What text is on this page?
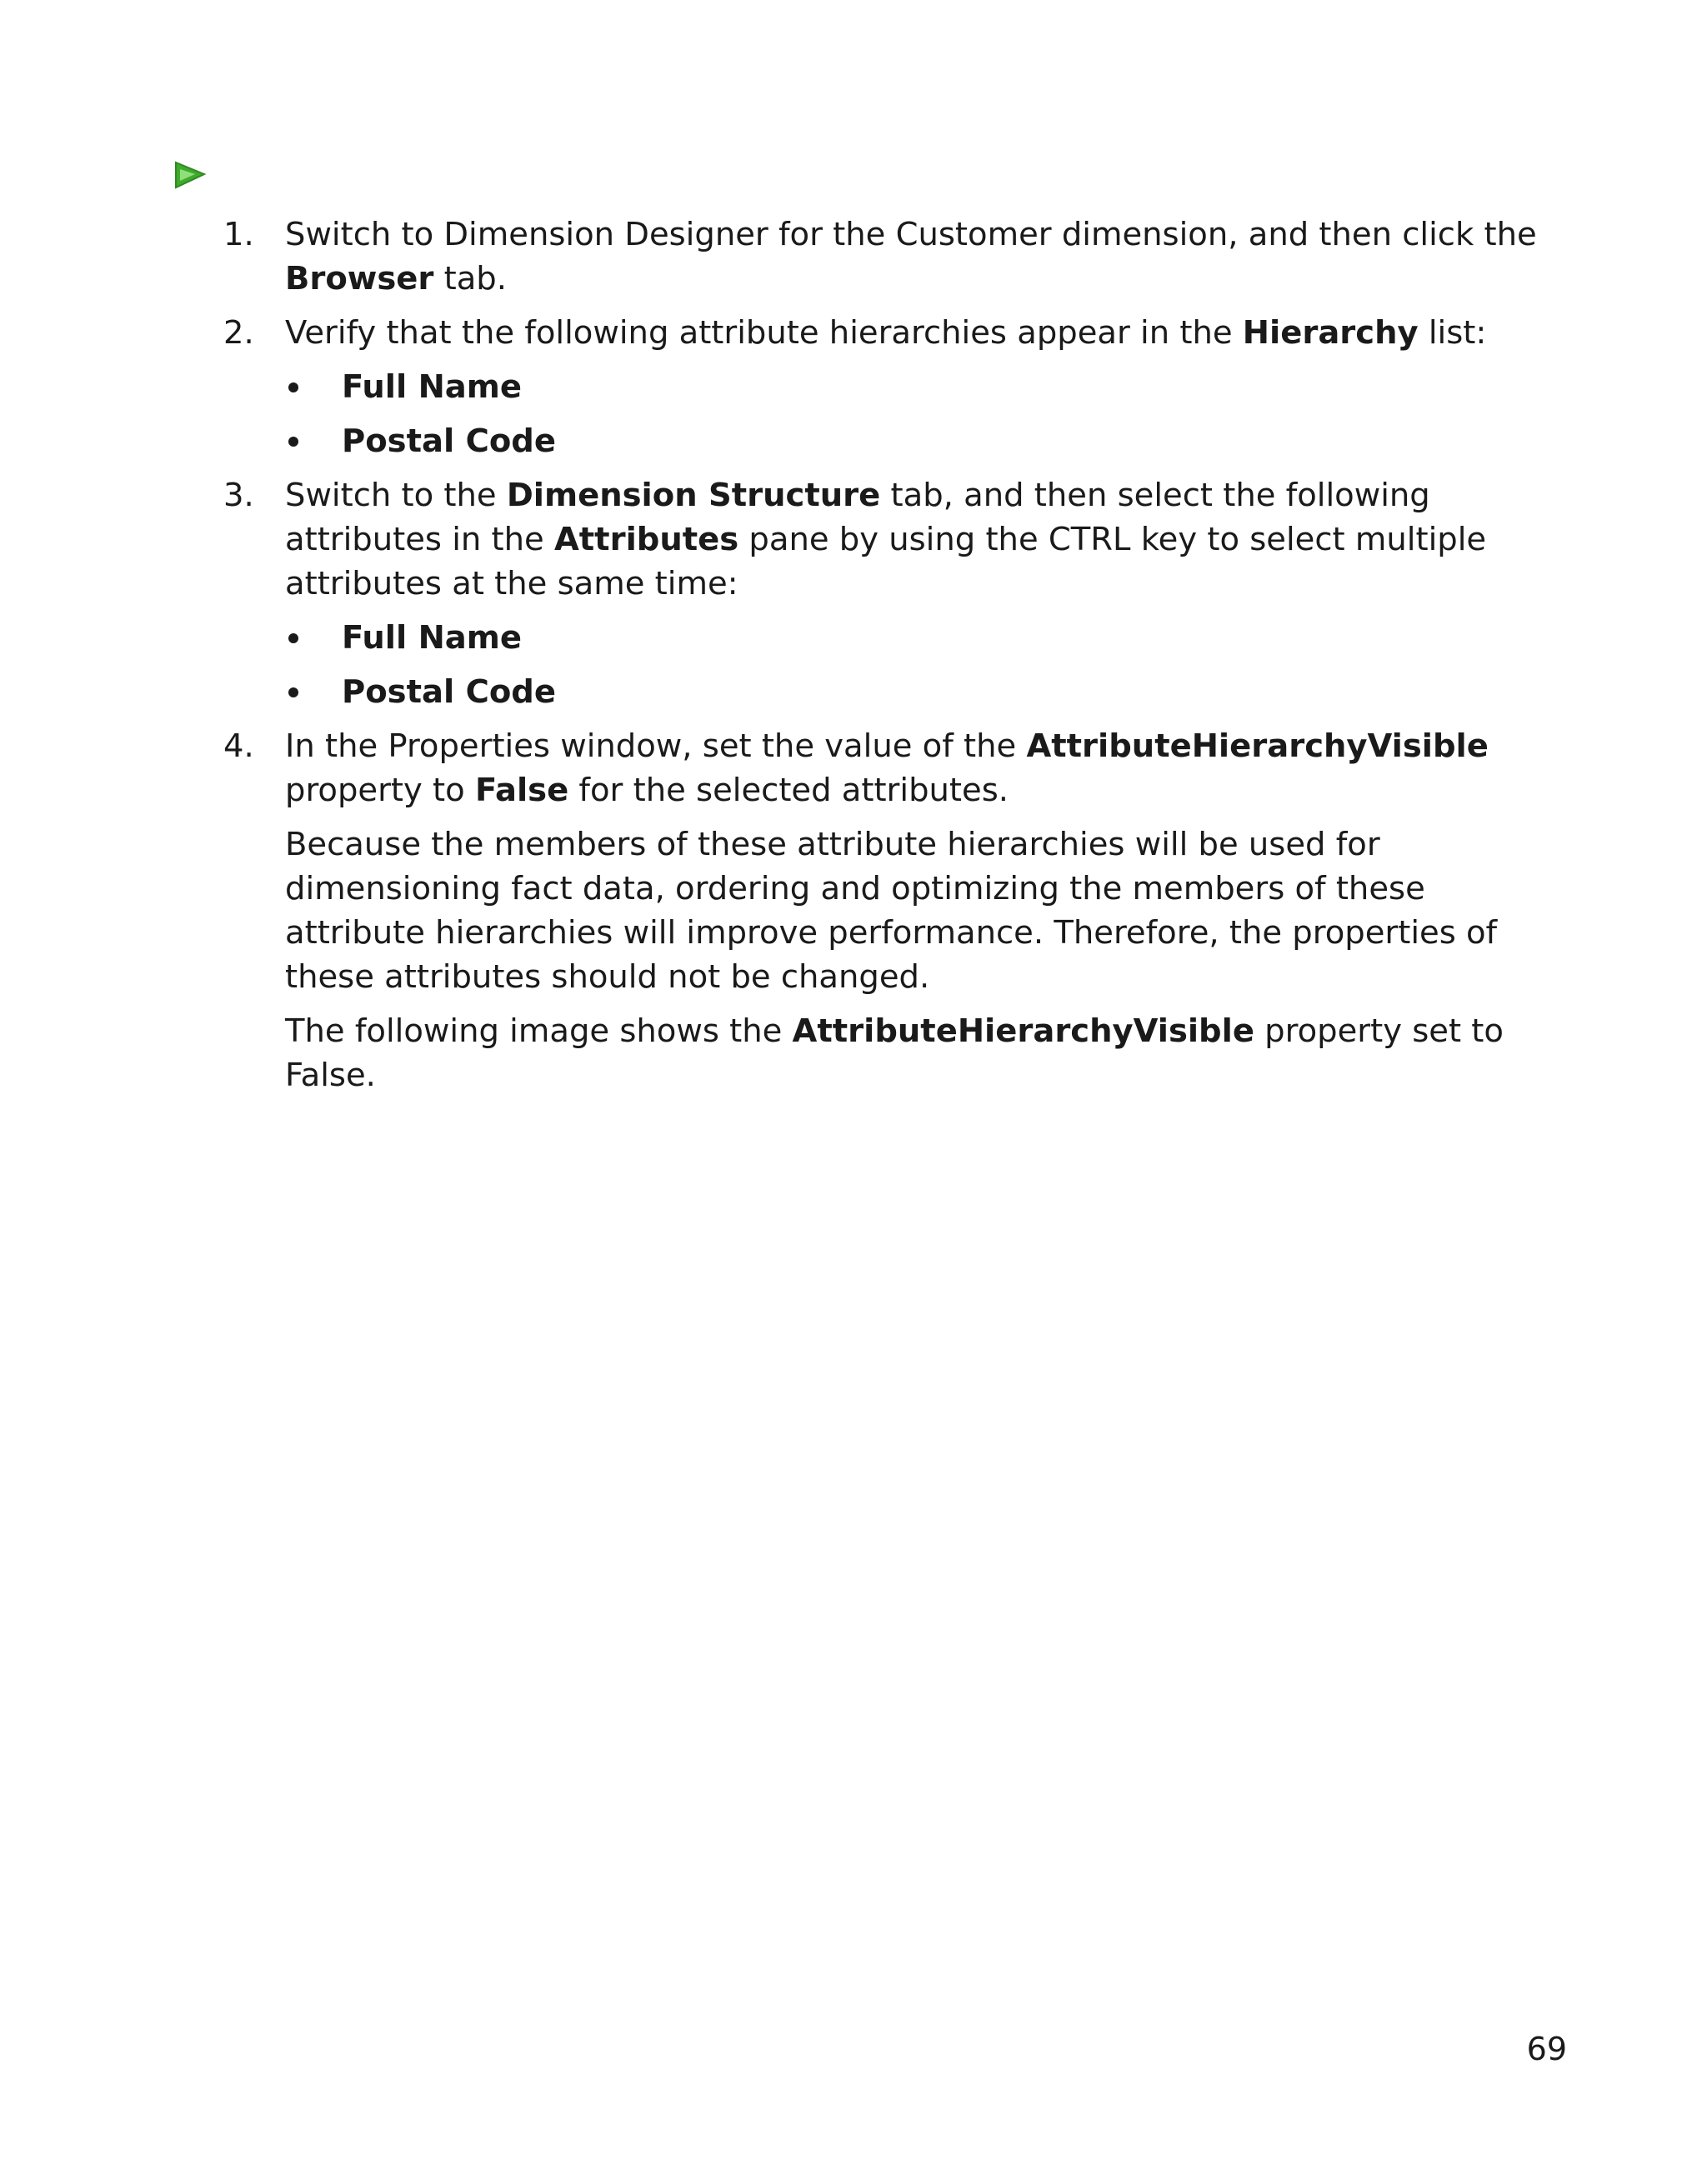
1. Switch to Dimension Designer for the Customer dimension, and then click the Browser tab.
2. Verify that the following attribute hierarchies appear in the Hierarchy list:
Full Name
Postal Code
3. Switch to the Dimension Structure tab, and then select the following attributes in the Attributes pane by using the CTRL key to select multiple attributes at the same time:
Full Name
Postal Code
4. In the Properties window, set the value of the AttributeHierarchyVisible property to False for the selected attributes.
Because the members of these attribute hierarchies will be used for dimensioning fact data, ordering and optimizing the members of these attribute hierarchies will improve performance. Therefore, the properties of these attributes should not be changed.
The following image shows the AttributeHierarchyVisible property set to False.
69
